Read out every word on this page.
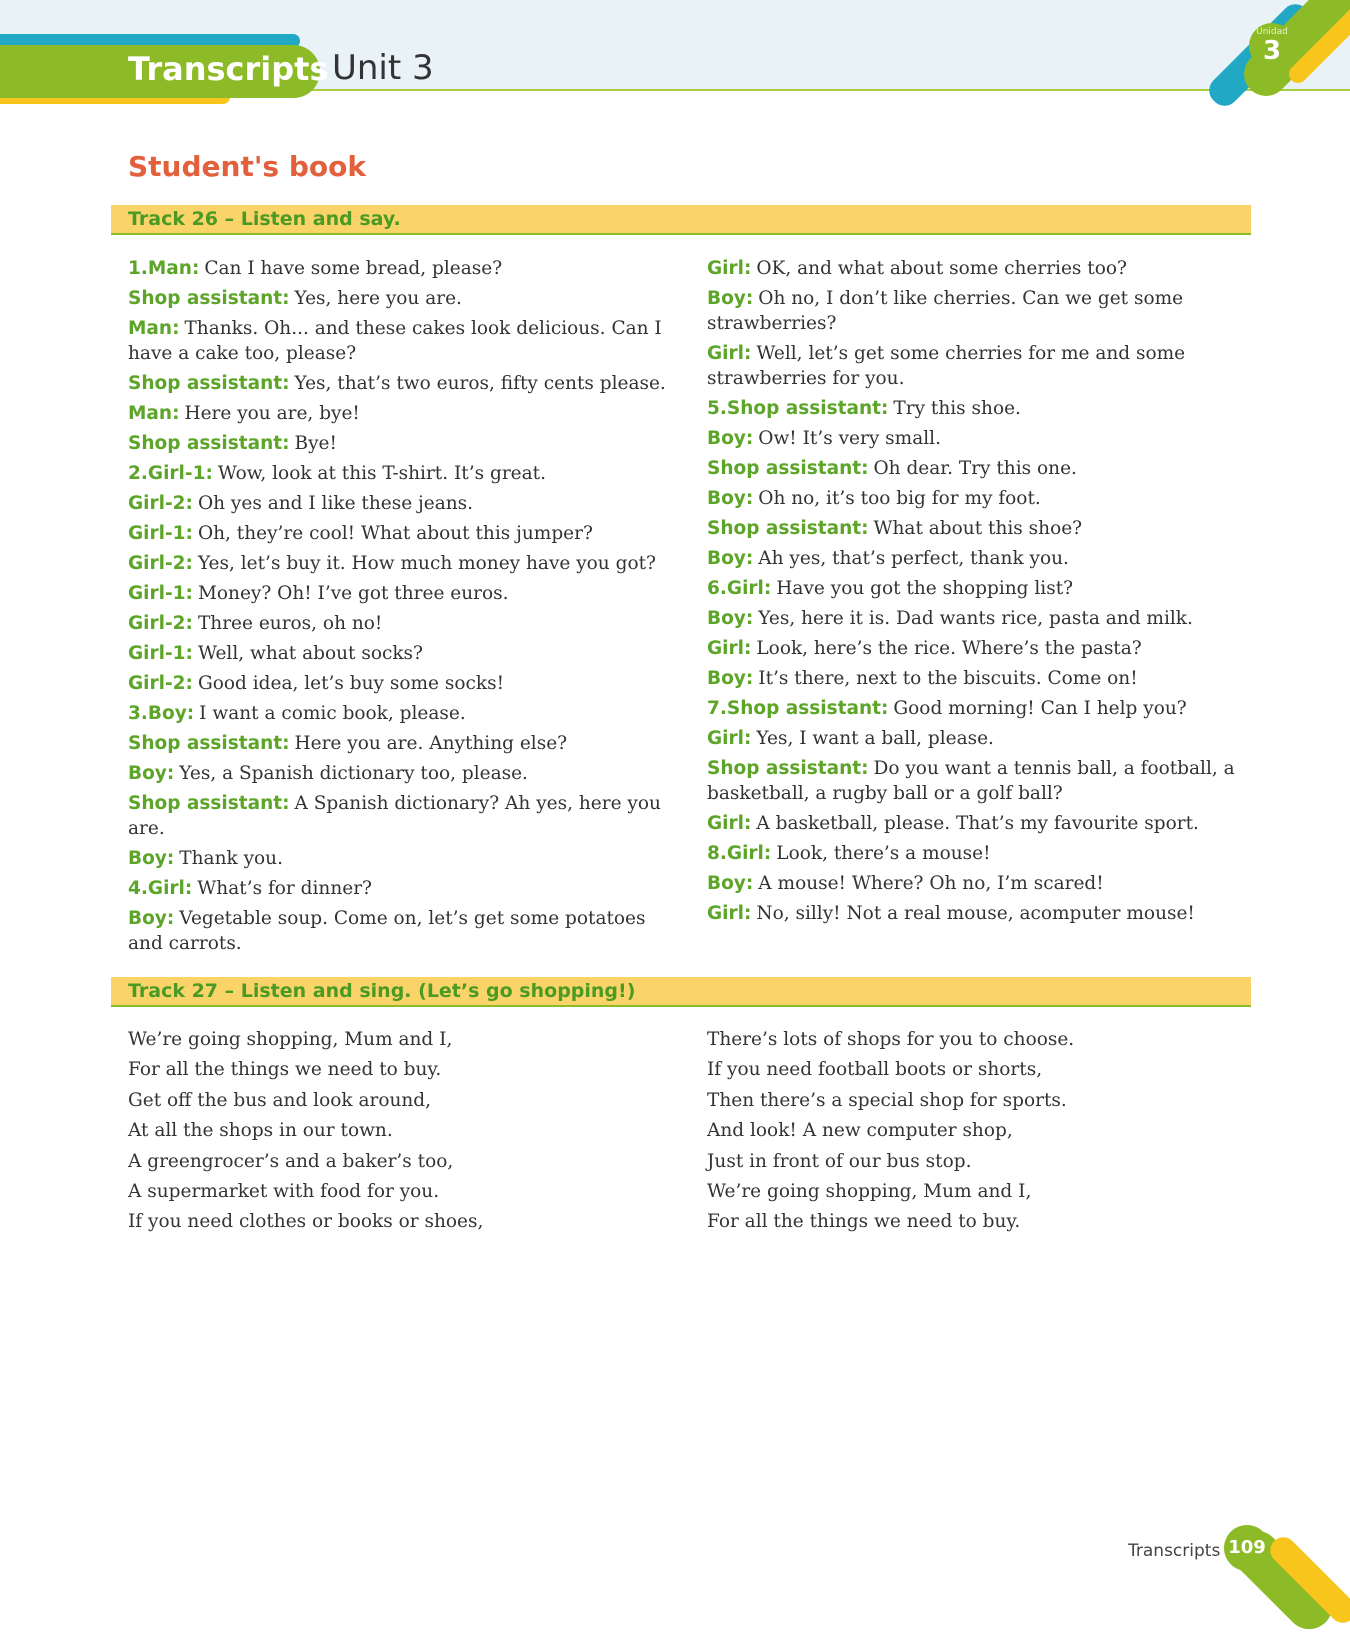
Transcripts Unit 3
Unidad
3
Student's book
Track 26 – Listen and say.
1.Man: Can I have some bread, please?
Shop assistant: Yes, here you are.
Man: Thanks. Oh... and these cakes look delicious. Can I have a cake too, please?
Shop assistant: Yes, that’s two euros, fifty cents please.
Man: Here you are, bye!
Shop assistant: Bye!
2.Girl-1: Wow, look at this T-shirt. It’s great.
Girl-2: Oh yes and I like these jeans.
Girl-1: Oh, they’re cool! What about this jumper?
Girl-2: Yes, let’s buy it. How much money have you got?
Girl-1: Money? Oh! I’ve got three euros.
Girl-2: Three euros, oh no!
Girl-1: Well, what about socks?
Girl-2: Good idea, let’s buy some socks!
3.Boy: I want a comic book, please.
Shop assistant: Here you are. Anything else?
Boy: Yes, a Spanish dictionary too, please.
Shop assistant: A Spanish dictionary? Ah yes, here you are.
Boy: Thank you.
4.Girl: What’s for dinner?
Boy: Vegetable soup. Come on, let’s get some potatoes and carrots.
Girl: OK, and what about some cherries too?
Boy: Oh no, I don’t like cherries. Can we get some strawberries?
Girl: Well, let’s get some cherries for me and some strawberries for you.
5.Shop assistant: Try this shoe.
Boy: Ow! It’s very small.
Shop assistant: Oh dear. Try this one.
Boy: Oh no, it’s too big for my foot.
Shop assistant: What about this shoe?
Boy: Ah yes, that’s perfect, thank you.
6.Girl: Have you got the shopping list?
Boy: Yes, here it is. Dad wants rice, pasta and milk.
Girl: Look, here’s the rice. Where’s the pasta?
Boy: It’s there, next to the biscuits. Come on!
7.Shop assistant: Good morning! Can I help you?
Girl: Yes, I want a ball, please.
Shop assistant: Do you want a tennis ball, a football, a basketball, a rugby ball or a golf ball?
Girl: A basketball, please. That’s my favourite sport.
8.Girl: Look, there’s a mouse!
Boy: A mouse! Where? Oh no, I’m scared!
Girl: No, silly! Not a real mouse, acomputer mouse!
Track 27 – Listen and sing. (Let’s go shopping!)
We’re going shopping, Mum and I,
For all the things we need to buy.
Get off the bus and look around,
At all the shops in our town.
A greengrocer’s and a baker’s too,
A supermarket with food for you.
If you need clothes or books or shoes,
There’s lots of shops for you to choose.
If you need football boots or shorts,
Then there’s a special shop for sports.
And look! A new computer shop,
Just in front of our bus stop.
We’re going shopping, Mum and I,
For all the things we need to buy.
Transcripts 109
